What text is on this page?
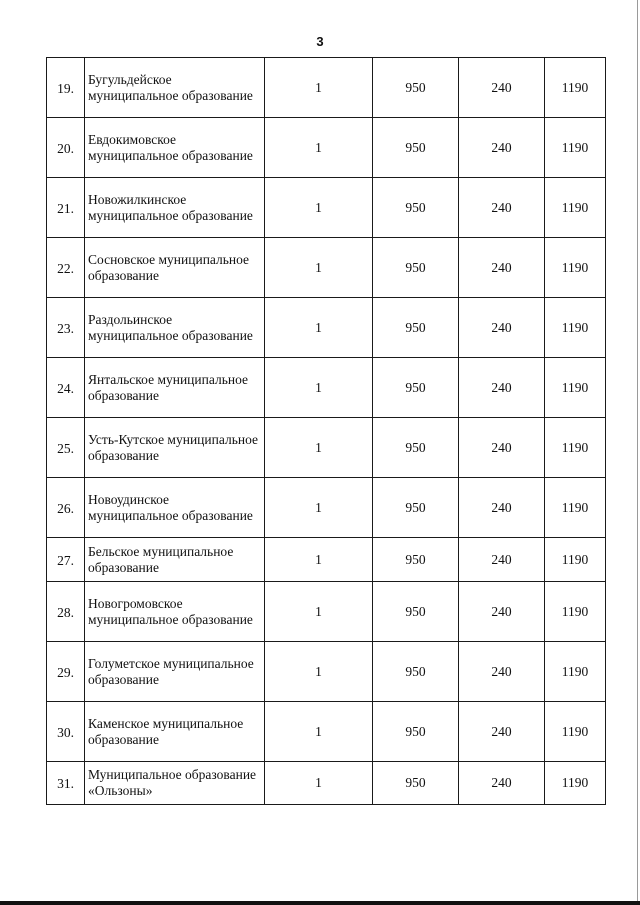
3
19.	Бугульдейское муниципальное образование	1	950	240	1190
20.	Евдокимовское муниципальное образование	1	950	240	1190
21.	Новожилкинское муниципальное образование	1	950	240	1190
22.	Сосновское муниципальное образование	1	950	240	1190
23.	Раздольинское муниципальное образование	1	950	240	1190
24.	Янтальское муниципальное образование	1	950	240	1190
25.	Усть-Кутское муниципальное образование	1	950	240	1190
26.	Новоудинское муниципальное образование	1	950	240	1190
27.	Бельское муниципальное образование	1	950	240	1190
28.	Новогромовское муниципальное образование	1	950	240	1190
29.	Голуметское муниципальное образование	1	950	240	1190
30.	Каменское муниципальное образование	1	950	240	1190
31.	Муниципальное образование «Ользоны»	1	950	240	1190
